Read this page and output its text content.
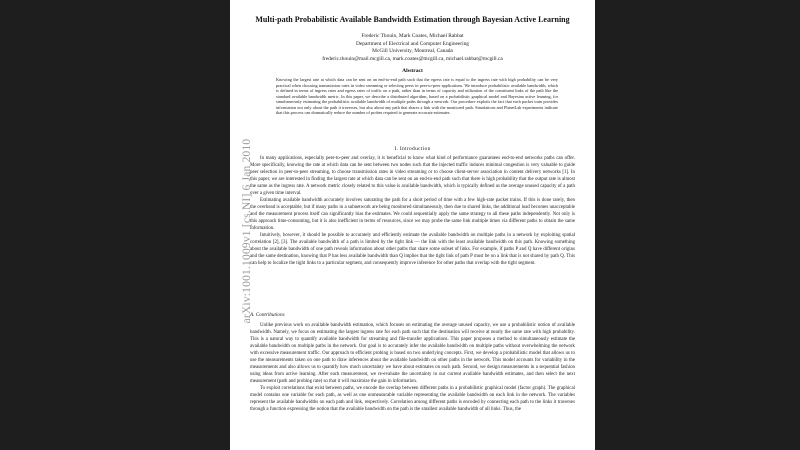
arXiv:1001.1009v1 [cs.NI] 6 Jan 2010
Multi-path Probabilistic Available Bandwidth Estimation through Bayesian Active Learning
Frederic Thouin, Mark Coates, Michael Rabbat
Department of Electrical and Computer Engineering
McGill University, Montreal, Canada
frederic.thouin@mail.mcgill.ca, mark.coates@mcgill.ca, michael.rabbat@mcgill.ca
Abstract
Knowing the largest rate at which data can be sent on an end-to-end path such that the egress rate is equal to the ingress rate with high probability can be very practical when choosing transmission rates in video streaming or selecting peers in peer-to-peer applications. We introduce probabilistic available bandwidth, which is defined in terms of ingress rates and egress rates of traffic on a path, rather than in terms of capacity and utilization of the constituent links of the path like the standard available bandwidth metric. In this paper, we describe a distributed algorithm, based on a probabilistic graphical model and Bayesian active learning, for simultaneously estimating the probabilistic available bandwidth of multiple paths through a network. Our procedure exploits the fact that each packet train provides information not only about the path it traverses, but also about any path that shares a link with the monitored path. Simulations and PlanetLab experiments indicate that this process can dramatically reduce the number of probes required to generate accurate estimates.
I. Introduction

In many applications, especially peer-to-peer and overlay, it is beneficial to know what kind of performance guarantees end-to-end networks paths can offer. More specifically, knowing the rate at which data can be sent between two nodes such that the injected traffic induces minimal congestion is very valuable to guide peer selection in peer-to-peer streaming, to choose transmission rates in video streaming or to choose client-server association in content delivery networks [1]. In this paper, we are interested in finding the largest rate at which data can be sent on an end-to-end path such that there is high probability that the output rate is almost the same as the ingress rate. A network metric closely related to this value is available bandwidth, which is typically defined as the average unused capacity of a path over a given time interval.

Estimating available bandwidth accurately involves saturating the path for a short period of time with a few high-rate packet trains. If this is done rarely, then the overhead is acceptable, but if many paths in a subnetwork are being monitored simultaneously, then due to shared links, the additional load becomes unacceptable and the measurement process itself can significantly bias the estimates. We could sequentially apply the same strategy to all these paths independently. Not only is this approach time-consuming, but it is also inefficient in terms of resources, since we may probe the same link multiple times via different paths to obtain the same information.

Intuitively, however, it should be possible to accurately and efficiently estimate the available bandwidth on multiple paths in a network by exploiting spatial correlation [2], [3]. The available bandwidth of a path is limited by the tight link — the link with the least available bandwidth on this path. Knowing something about the available bandwidth of one path reveals information about other paths that share some subset of links. For example, if paths P and Q have different origins and the same destination, knowing that P has less available bandwidth than Q implies that the tight link of path P must be on a link that is not shared by path Q. This can help to localize the tight links to a particular segment, and consequently improve inference for other paths that overlap with the tight segment.

A. Contributions

Unlike previous work on available bandwidth estimation, which focuses on estimating the average unused capacity, we use a probabilistic notion of available bandwidth. Namely, we focus on estimating the largest ingress rate for each path such that the destination will receive at nearly the same rate with high probability. This is a natural way to quantify available bandwidth for streaming and file-transfer applications. This paper proposes a method to simultaneously estimate the available bandwidth on multiple paths in the network. Our goal is to accurately infer the available bandwidth on multiple paths without overwhelming the network with excessive measurement traffic. Our approach to efficient probing is based on two underlying concepts. First, we develop a probabilistic model that allows us to use the measurements taken on one path to draw inferences about the available bandwidth on other paths in the network. This model accounts for variability in the measurements and also allows us to quantify how much uncertainty we have about estimates on each path. Second, we design measurements in a sequential fashion using ideas from active learning. After each measurement, we re-evaluate the uncertainty in our current available bandwidth estimates, and then select the next measurement (path and probing rate) so that it will maximize the gain in information.

To exploit correlations that exist between paths, we encode the overlap between different paths in a probabilistic graphical model (factor graph). The graphical model contains one variable for each path, as well as one unmeasurable variable representing the available bandwidth on each link in the network. The variables represent the available bandwidths on each path and link, respectively. Correlation among different paths is encoded by connecting each path to the links it traverses through a function expressing the notion that the available bandwidth on the path is the smallest available bandwidth of all links. Thus, the
